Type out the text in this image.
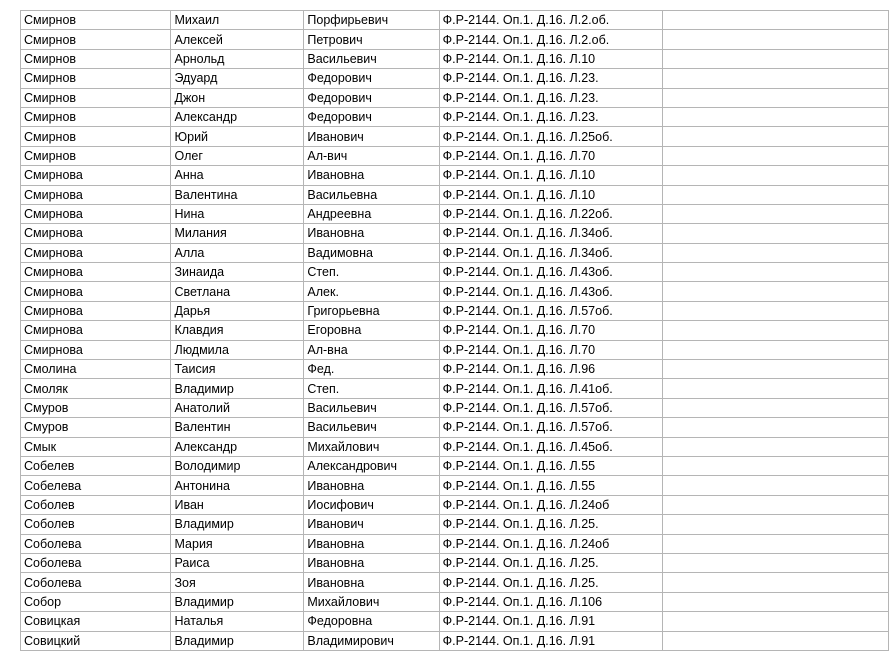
Смирнов	Михаил	Порфирьевич	Ф.Р-2144. Оп.1. Д.16. Л.2.об.	
Смирнов	Алексей	Петрович	Ф.Р-2144. Оп.1. Д.16. Л.2.об.	
Смирнов	Арнольд	Васильевич	Ф.Р-2144. Оп.1. Д.16. Л.10	
Смирнов	Эдуард	Федорович	Ф.Р-2144. Оп.1. Д.16. Л.23.	
Смирнов	Джон	Федорович	Ф.Р-2144. Оп.1. Д.16. Л.23.	
Смирнов	Александр	Федорович	Ф.Р-2144. Оп.1. Д.16. Л.23.	
Смирнов	Юрий	Иванович	Ф.Р-2144. Оп.1. Д.16. Л.25об.	
Смирнов	Олег	Ал-вич	Ф.Р-2144. Оп.1. Д.16. Л.70	
Смирнова	Анна	Ивановна	Ф.Р-2144. Оп.1. Д.16. Л.10	
Смирнова	Валентина	Васильевна	Ф.Р-2144. Оп.1. Д.16. Л.10	
Смирнова	Нина	Андреевна	Ф.Р-2144. Оп.1. Д.16. Л.22об.	
Смирнова	Милания	Ивановна	Ф.Р-2144. Оп.1. Д.16. Л.34об.	
Смирнова	Алла	Вадимовна	Ф.Р-2144. Оп.1. Д.16. Л.34об.	
Смирнова	Зинаида	Степ.	Ф.Р-2144. Оп.1. Д.16. Л.43об.	
Смирнова	Светлана	Алек.	Ф.Р-2144. Оп.1. Д.16. Л.43об.	
Смирнова	Дарья	Григорьевна	Ф.Р-2144. Оп.1. Д.16. Л.57об.	
Смирнова	Клавдия	Егоровна	Ф.Р-2144. Оп.1. Д.16. Л.70	
Смирнова	Людмила	Ал-вна	Ф.Р-2144. Оп.1. Д.16. Л.70	
Смолина	Таисия	Фед.	Ф.Р-2144. Оп.1. Д.16. Л.96	
Смоляк	Владимир	Степ.	Ф.Р-2144. Оп.1. Д.16. Л.41об.	
Смуров	Анатолий	Васильевич	Ф.Р-2144. Оп.1. Д.16. Л.57об.	
Смуров	Валентин	Васильевич	Ф.Р-2144. Оп.1. Д.16. Л.57об.	
Смык	Александр	Михайлович	Ф.Р-2144. Оп.1. Д.16. Л.45об.	
Собелев	Володимир	Александрович	Ф.Р-2144. Оп.1. Д.16. Л.55	
Собелева	Антонина	Ивановна	Ф.Р-2144. Оп.1. Д.16. Л.55	
Соболев	Иван	Иосифович	Ф.Р-2144. Оп.1. Д.16. Л.24об	
Соболев	Владимир	Иванович	Ф.Р-2144. Оп.1. Д.16. Л.25.	
Соболева	Мария	Ивановна	Ф.Р-2144. Оп.1. Д.16. Л.24об	
Соболева	Раиса	Ивановна	Ф.Р-2144. Оп.1. Д.16. Л.25.	
Соболева	Зоя	Ивановна	Ф.Р-2144. Оп.1. Д.16. Л.25.	
Собор	Владимир	Михайлович	Ф.Р-2144. Оп.1. Д.16. Л.106	
Совицкая	Наталья	Федоровна	Ф.Р-2144. Оп.1. Д.16. Л.91	
Совицкий	Владимир	Владимирович	Ф.Р-2144. Оп.1. Д.16. Л.91	
